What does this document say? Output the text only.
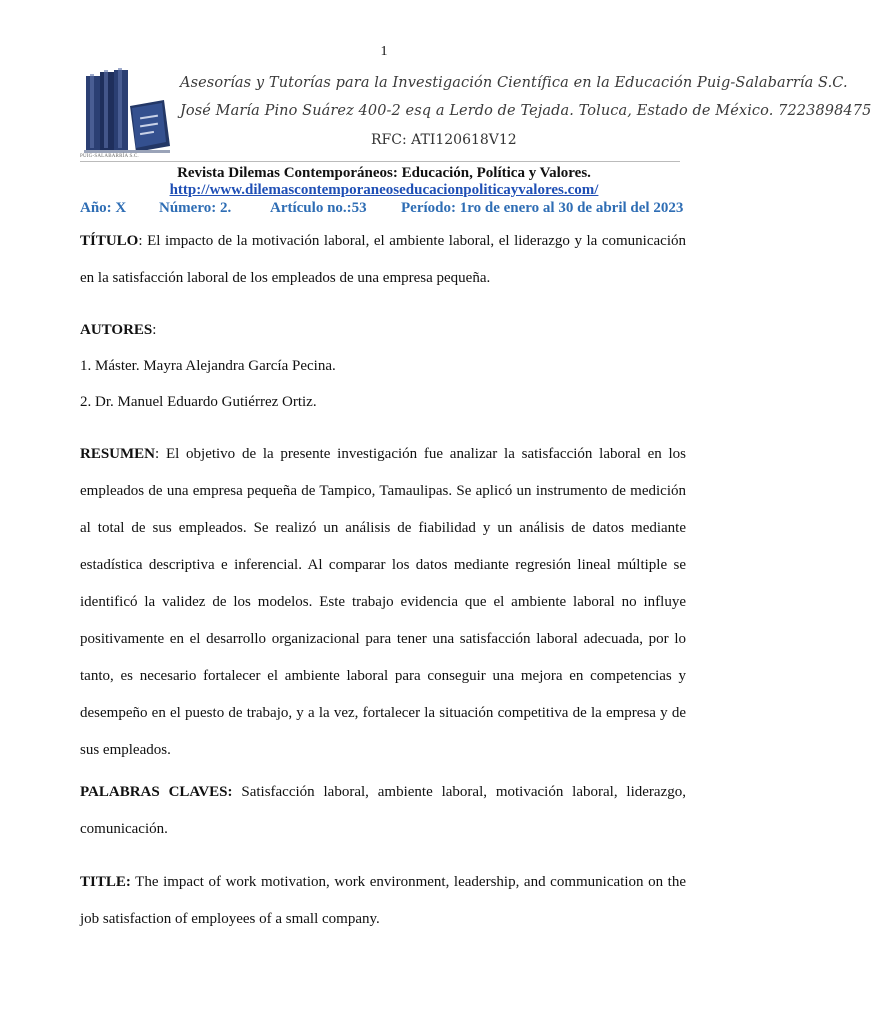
1
Asesorías y Tutorías para la Investigación Científica en la Educación Puig-Salabarría S.C.
José María Pino Suárez 400-2 esq a Lerdo de Tejada. Toluca, Estado de México. 7223898475
RFC: ATI120618V12
PUIG-SALABARRÍA S.C.
Revista Dilemas Contemporáneos: Educación, Política y Valores.
http://www.dilemascontemporaneoseducacionpoliticayvalores.com/
Año: X Número: 2.	Artículo no.:53 Período: 1ro de enero al 30 de abril del 2023
TÍTULO: El impacto de la motivación laboral, el ambiente laboral, el liderazgo y la comunicación en la satisfacción laboral de los empleados de una empresa pequeña.
AUTORES:
1. Máster. Mayra Alejandra García Pecina.
2. Dr. Manuel Eduardo Gutiérrez Ortiz.
RESUMEN: El objetivo de la presente investigación fue analizar la satisfacción laboral en los empleados de una empresa pequeña de Tampico, Tamaulipas. Se aplicó un instrumento de medición al total de sus empleados. Se realizó un análisis de fiabilidad y un análisis de datos mediante estadística descriptiva e inferencial. Al comparar los datos mediante regresión lineal múltiple se identificó la validez de los modelos. Este trabajo evidencia que el ambiente laboral no influye positivamente en el desarrollo organizacional para tener una satisfacción laboral adecuada, por lo tanto, es necesario fortalecer el ambiente laboral para conseguir una mejora en competencias y desempeño en el puesto de trabajo, y a la vez, fortalecer la situación competitiva de la empresa y de sus empleados.
PALABRAS CLAVES: Satisfacción laboral, ambiente laboral, motivación laboral, liderazgo, comunicación.
TITLE: The impact of work motivation, work environment, leadership, and communication on the job satisfaction of employees of a small company.
